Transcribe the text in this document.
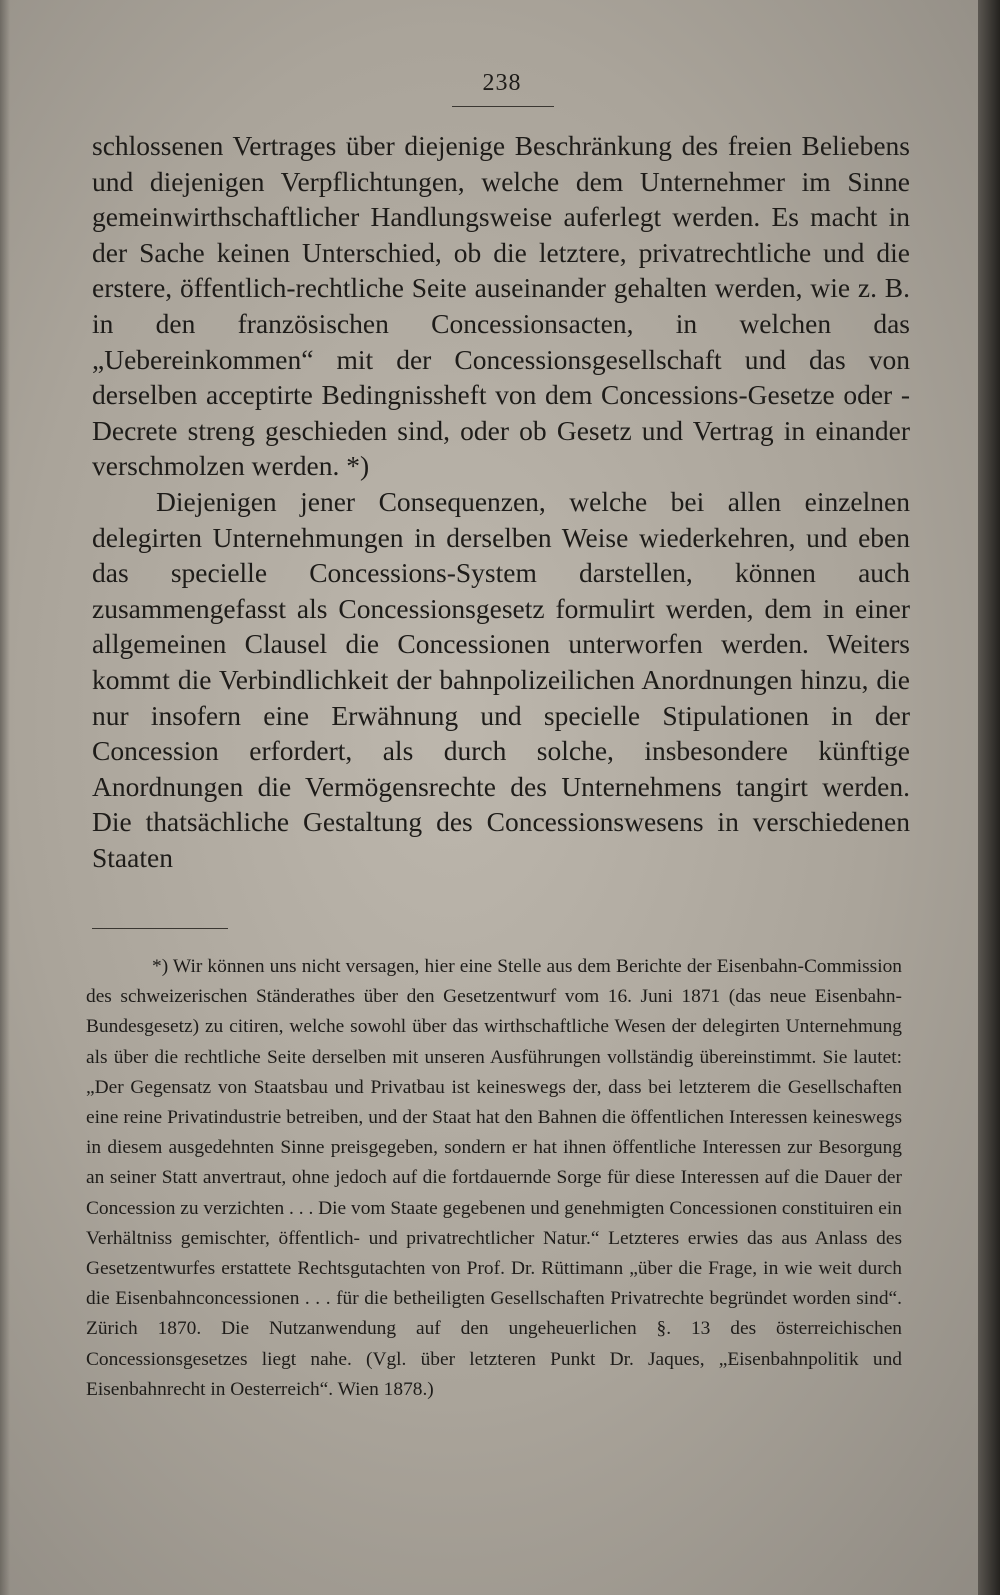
238

schlossenen Vertrages über diejenige Beschränkung des freien Beliebens und diejenigen Verpflichtungen, welche dem Unternehmer im Sinne gemeinwirthschaftlicher Handlungsweise auferlegt werden. Es macht in der Sache keinen Unterschied, ob die letztere, privatrechtliche und die erstere, öffentlich-rechtliche Seite auseinander gehalten werden, wie z. B. in den französischen Concessionsacten, in welchen das „Uebereinkommen“ mit der Concessionsgesellschaft und das von derselben acceptirte Bedingnissheft von dem Concessions-Gesetze oder -Decrete streng geschieden sind, oder ob Gesetz und Vertrag in einander verschmolzen werden. *)

Diejenigen jener Consequenzen, welche bei allen einzelnen delegirten Unternehmungen in derselben Weise wiederkehren, und eben das specielle Concessions-System darstellen, können auch zusammengefasst als Concessionsgesetz formulirt werden, dem in einer allgemeinen Clausel die Concessionen unterworfen werden. Weiters kommt die Verbindlichkeit der bahnpolizeilichen Anordnungen hinzu, die nur insofern eine Erwähnung und specielle Stipulationen in der Concession erfordert, als durch solche, insbesondere künftige Anordnungen die Vermögensrechte des Unternehmens tangirt werden. Die thatsächliche Gestaltung des Concessionswesens in verschiedenen Staaten

*) Wir können uns nicht versagen, hier eine Stelle aus dem Berichte der Eisenbahn-Commission des schweizerischen Ständerathes über den Gesetzentwurf vom 16. Juni 1871 (das neue Eisenbahn-Bundesgesetz) zu citiren, welche sowohl über das wirthschaftliche Wesen der delegirten Unternehmung als über die rechtliche Seite derselben mit unseren Ausführungen vollständig übereinstimmt. Sie lautet: „Der Gegensatz von Staatsbau und Privatbau ist keineswegs der, dass bei letzterem die Gesellschaften eine reine Privatindustrie betreiben, und der Staat hat den Bahnen die öffentlichen Interessen keineswegs in diesem ausgedehnten Sinne preisgegeben, sondern er hat ihnen öffentliche Interessen zur Besorgung an seiner Statt anvertraut, ohne jedoch auf die fortdauernde Sorge für diese Interessen auf die Dauer der Concession zu verzichten . . . Die vom Staate gegebenen und genehmigten Concessionen constituiren ein Verhältniss gemischter, öffentlich- und privatrechtlicher Natur.“ Letzteres erwies das aus Anlass des Gesetzentwurfes erstattete Rechtsgutachten von Prof. Dr. Rüttimann „über die Frage, in wie weit durch die Eisenbahnconcessionen . . . für die betheiligten Gesellschaften Privatrechte begründet worden sind“. Zürich 1870. Die Nutzanwendung auf den ungeheuerlichen §. 13 des österreichischen Concessionsgesetzes liegt nahe. (Vgl. über letzteren Punkt Dr. Jaques, „Eisenbahnpolitik und Eisenbahnrecht in Oesterreich“. Wien 1878.)
